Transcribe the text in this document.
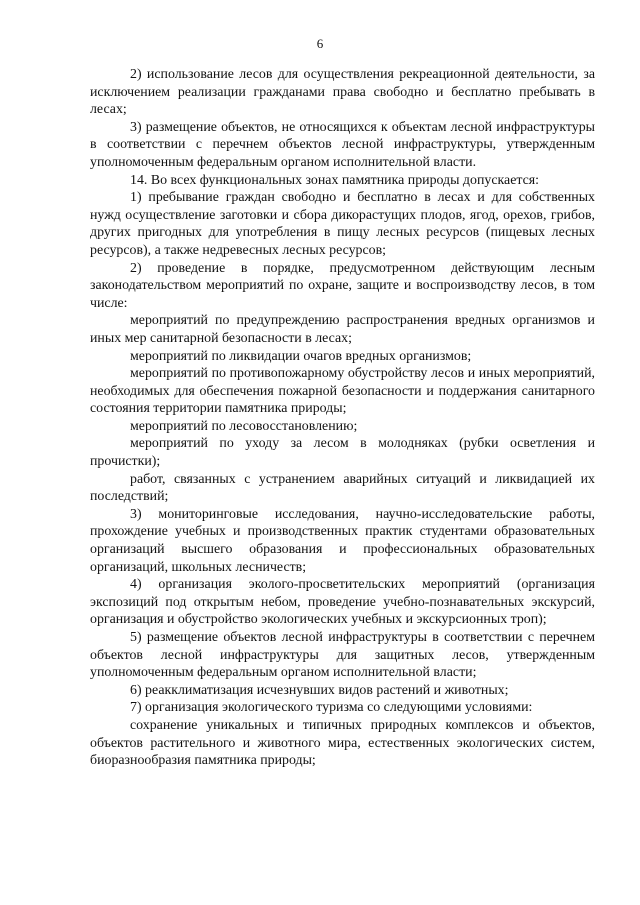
6

2) использование лесов для осуществления рекреационной деятельности, за исключением реализации гражданами права свободно и бесплатно пребывать в лесах;

3) размещение объектов, не относящихся к объектам лесной инфраструктуры в соответствии с перечнем объектов лесной инфраструктуры, утвержденным уполномоченным федеральным органом исполнительной власти.

14. Во всех функциональных зонах памятника природы допускается:

1) пребывание граждан свободно и бесплатно в лесах и для собственных нужд осуществление заготовки и сбора дикорастущих плодов, ягод, орехов, грибов, других пригодных для употребления в пищу лесных ресурсов (пищевых лесных ресурсов), а также недревесных лесных ресурсов;

2) проведение в порядке, предусмотренном действующим лесным законодательством мероприятий по охране, защите и воспроизводству лесов, в том числе:

мероприятий по предупреждению распространения вредных организмов и иных мер санитарной безопасности в лесах;

мероприятий по ликвидации очагов вредных организмов;

мероприятий по противопожарному обустройству лесов и иных мероприятий, необходимых для обеспечения пожарной безопасности и поддержания санитарного состояния территории памятника природы;

мероприятий по лесовосстановлению;

мероприятий по уходу за лесом в молодняках (рубки осветления и прочистки);

работ, связанных с устранением аварийных ситуаций и ликвидацией их последствий;

3) мониторинговые исследования, научно-исследовательские работы, прохождение учебных и производственных практик студентами образовательных организаций высшего образования и профессиональных образовательных организаций, школьных лесничеств;

4) организация эколого-просветительских мероприятий (организация экспозиций под открытым небом, проведение учебно-познавательных экскурсий, организация и обустройство экологических учебных и экскурсионных троп);

5) размещение объектов лесной инфраструктуры в соответствии с перечнем объектов лесной инфраструктуры для защитных лесов, утвержденным уполномоченным федеральным органом исполнительной власти;

6) реакклиматизация исчезнувших видов растений и животных;

7) организация экологического туризма со следующими условиями:

сохранение уникальных и типичных природных комплексов и объектов, объектов растительного и животного мира, естественных экологических систем, биоразнообразия памятника природы;
